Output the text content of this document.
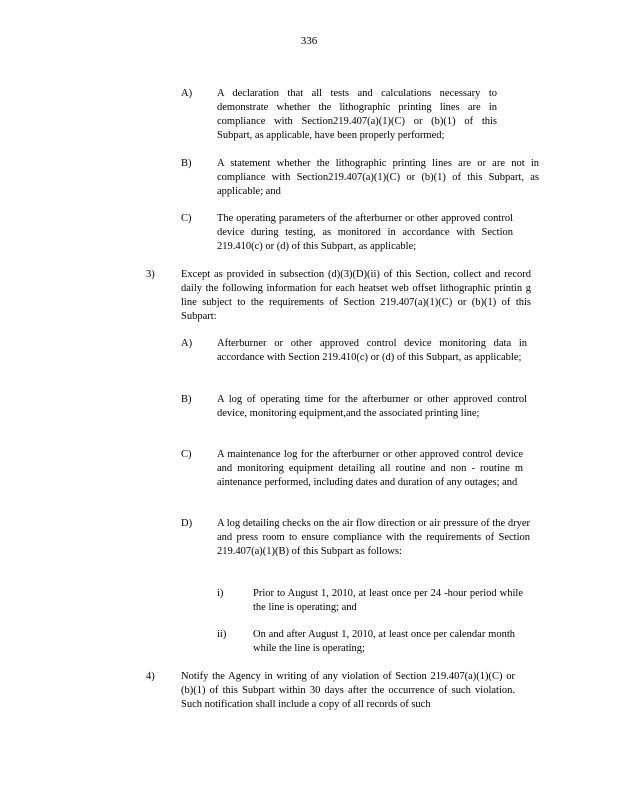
336
A) A declaration that all tests and calculations necessary to demonstrate whether the lithographic printing lines are in compliance with Section219.407(a)(1)(C) or (b)(1) of this Subpart, as applicable, have been properly performed;
B) A statement whether the lithographic printing lines are or are not in compliance with Section219.407(a)(1)(C) or (b)(1) of this Subpart, as applicable; and
C) The operating parameters of the afterburner or other approved control device during testing, as monitored in accordance with Section 219.410(c) or (d) of this Subpart, as applicable;
3)	Except as provided in subsection (d)(3)(D)(ii) of this Section, collect and record daily the following information for each heatset web offset lithographic printin g line subject to the requirements of Section 219.407(a)(1)(C) or (b)(1) of this Subpart:
A) Afterburner or other approved control device monitoring data in accordance with Section 219.410(c) or (d) of this Subpart, as applicable;
B) A log of operating time for the afterburner or other approved control device, monitoring equipment,and the associated printing line;
C) A maintenance log for the afterburner or other approved control device and monitoring equipment detailing all routine and non - routine m aintenance performed, including dates and duration of any outages; and
D) A log detailing checks on the air flow direction or air pressure of the dryer and press room to ensure compliance with the requirements of Section 219.407(a)(1)(B) of this Subpart as follows:
i)	Prior to August 1, 2010, at least once per 24 -hour period while the line is operating; and
ii)	On and after August 1, 2010, at least once per calendar month while the line is operating;
4)	Notify the Agency in writing of any violation of Section 219.407(a)(1)(C) or (b)(1) of this Subpart within 30 days after the occurrence of such violation. Such notification shall include a copy of all records of such
